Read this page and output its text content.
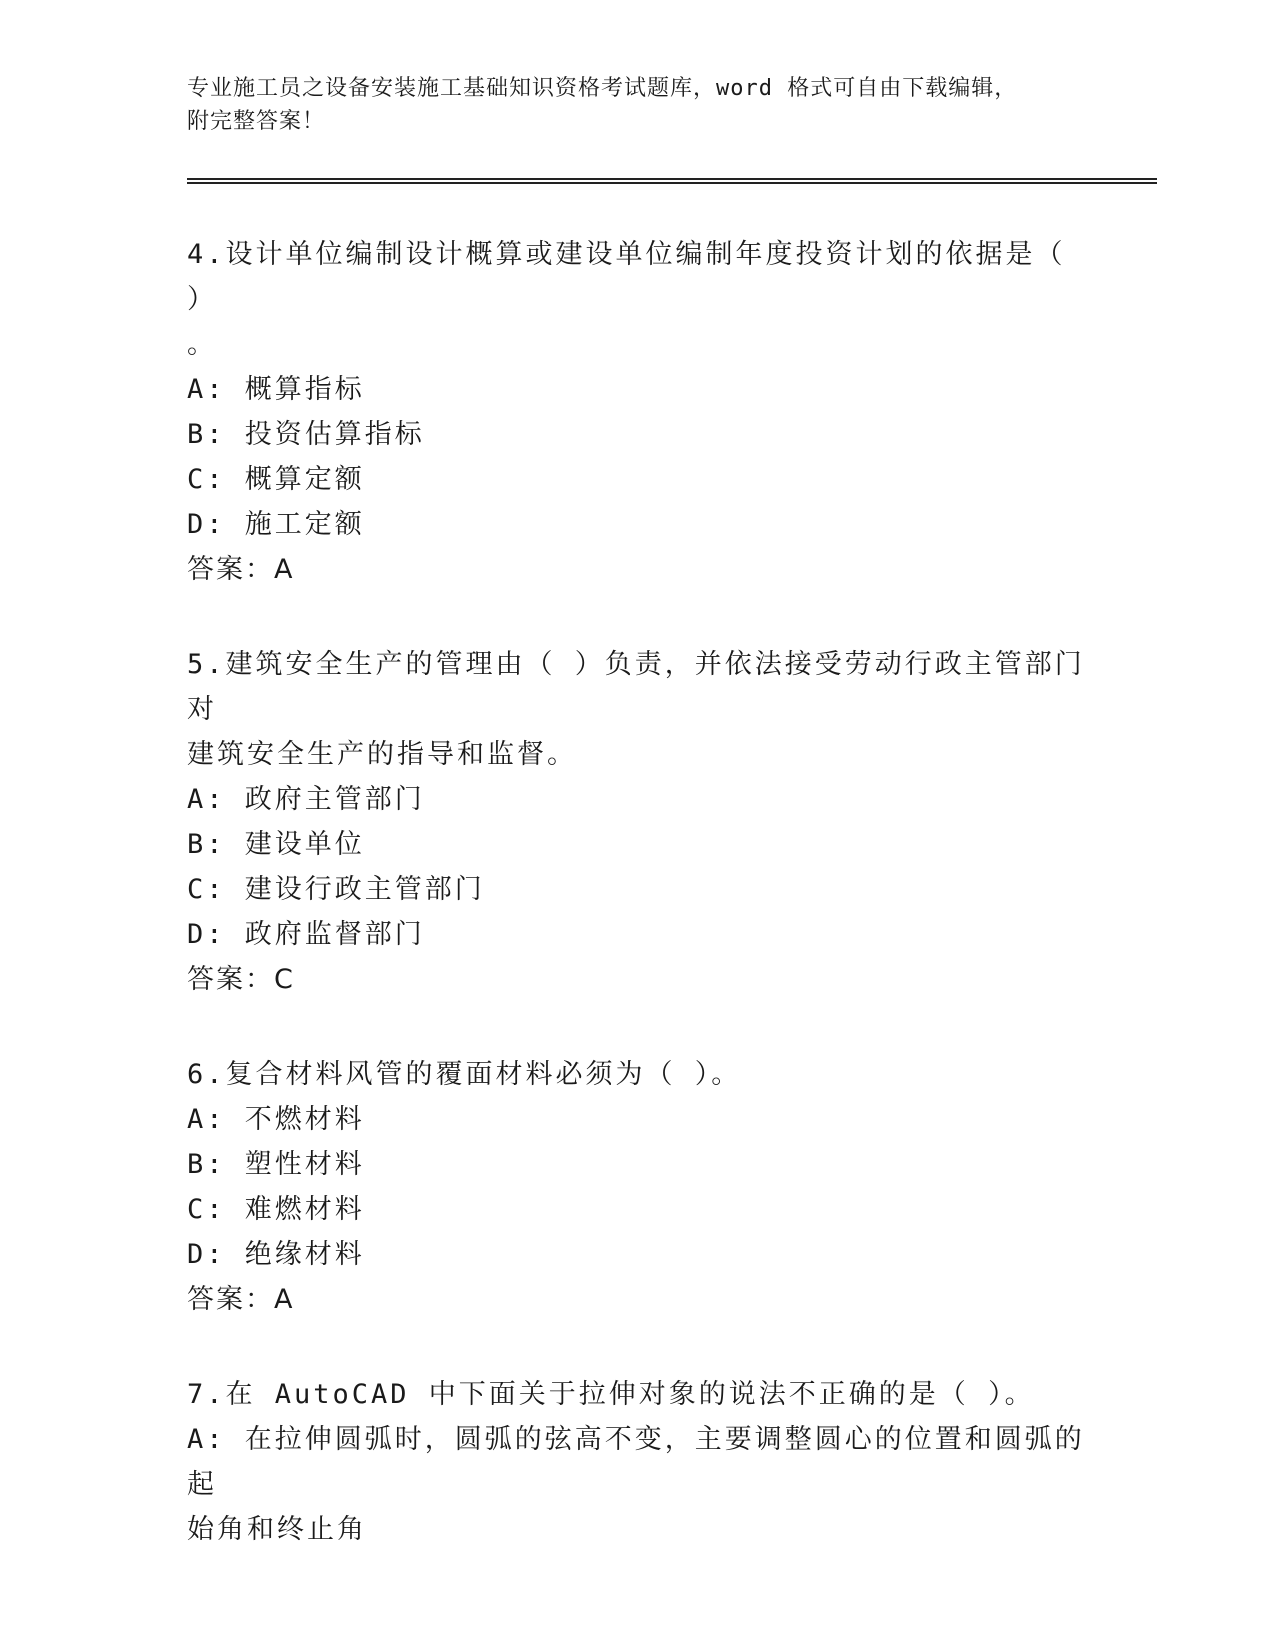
专业施工员之设备安装施工基础知识资格考试题库，word 格式可自由下载编辑，
附完整答案！

4.设计单位编制设计概算或建设单位编制年度投资计划的依据是（ ）

。

A: 概算指标

B: 投资估算指标

C: 概算定额

D: 施工定额

答案：A

5.建筑安全生产的管理由（ ）负责，并依法接受劳动行政主管部门对

建筑安全生产的指导和监督。

A: 政府主管部门

B: 建设单位

C: 建设行政主管部门

D: 政府监督部门

答案：C

6.复合材料风管的覆面材料必须为（ ）。

A: 不燃材料

B: 塑性材料

C: 难燃材料

D: 绝缘材料

答案：A

7.在 AutoCAD 中下面关于拉伸对象的说法不正确的是（ ）。

A: 在拉伸圆弧时，圆弧的弦高不变，主要调整圆心的位置和圆弧的起

始角和终止角
